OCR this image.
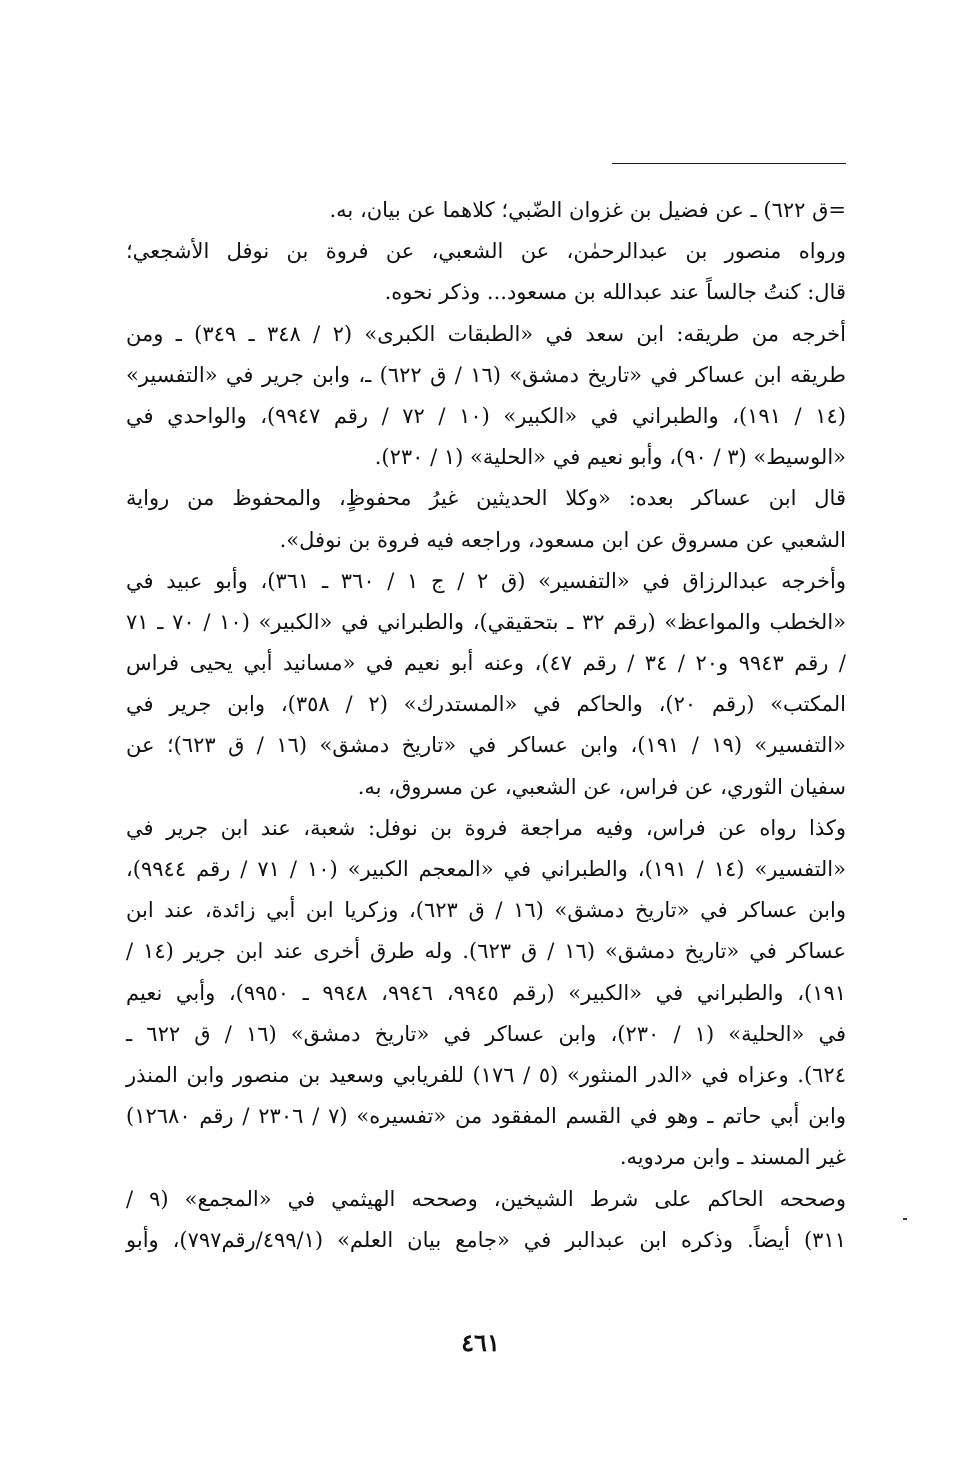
=ق ٦٢٢) ـ عن فضيل بن غزوان الضّبي؛ كلاهما عن بيان، به.
ورواه منصور بن عبدالرحمٰن، عن الشعبي، عن فروة بن نوفل الأشجعي؛
قال: كنتُ جالساً عند عبدالله بن مسعود... وذكر نحوه.
أخرجه من طريقه: ابن سعد في «الطبقات الكبرى» (٢ / ٣٤٨ ـ ٣٤٩) ـ ومن
طريقه ابن عساكر في «تاريخ دمشق» (١٦ / ق ٦٢٢) ـ، وابن جرير في «التفسير»
(١٤ / ١٩١)، والطبراني في «الكبير» (١٠ / ٧٢ / رقم ٩٩٤٧)، والواحدي في
«الوسيط» (٣ / ٩٠)، وأبو نعيم في «الحلية» (١ / ٢٣٠).
قال ابن عساكر بعده: «وكلا الحديثين غيرُ محفوظٍ، والمحفوظ من رواية
الشعبي عن مسروق عن ابن مسعود، وراجعه فيه فروة بن نوفل».
وأخرجه عبدالرزاق في «التفسير» (ق ٢ / ج ١ / ٣٦٠ ـ ٣٦١)، وأبو عبيد في
«الخطب والمواعظ» (رقم ٣٢ ـ بتحقيقي)، والطبراني في «الكبير» (١٠ / ٧٠ ـ ٧١
/ رقم ٩٩٤٣ و٢٠ / ٣٤ / رقم ٤٧)، وعنه أبو نعيم في «مسانيد أبي يحيى فراس
المكتب» (رقم ٢٠)، والحاكم في «المستدرك» (٢ / ٣٥٨)، وابن جرير في
«التفسير» (١٩ / ١٩١)، وابن عساكر في «تاريخ دمشق» (١٦ / ق ٦٢٣)؛ عن
سفيان الثوري، عن فراس، عن الشعبي، عن مسروق، به.
وكذا رواه عن فراس، وفيه مراجعة فروة بن نوفل: شعبة، عند ابن جرير في
«التفسير» (١٤ / ١٩١)، والطبراني في «المعجم الكبير» (١٠ / ٧١ / رقم ٩٩٤٤)،
وابن عساكر في «تاريخ دمشق» (١٦ / ق ٦٢٣)، وزكريا ابن أبي زائدة، عند ابن
عساكر في «تاريخ دمشق» (١٦ / ق ٦٢٣). وله طرق أخرى عند ابن جرير (١٤ /
١٩١)، والطبراني في «الكبير» (رقم ٩٩٤٥، ٩٩٤٦، ٩٩٤٨ ـ ٩٩٥٠)، وأبي نعيم
في «الحلية» (١ / ٢٣٠)، وابن عساكر في «تاريخ دمشق» (١٦ / ق ٦٢٢ ـ
٦٢٤). وعزاه في «الدر المنثور» (٥ / ١٧٦) للفريابي وسعيد بن منصور وابن المنذر
وابن أبي حاتم ـ وهو في القسم المفقود من «تفسيره» (٧ / ٢٣٠٦ / رقم ١٢٦٨٠)
غير المسند ـ وابن مردويه.
وصححه الحاكم على شرط الشيخين، وصححه الهيثمي في «المجمع» (٩ /
٣١١) أيضاً. وذكره ابن عبدالبر في «جامع بيان العلم» (٤٩٩/١/رقم٧٩٧)، وأبو
٤٦١
